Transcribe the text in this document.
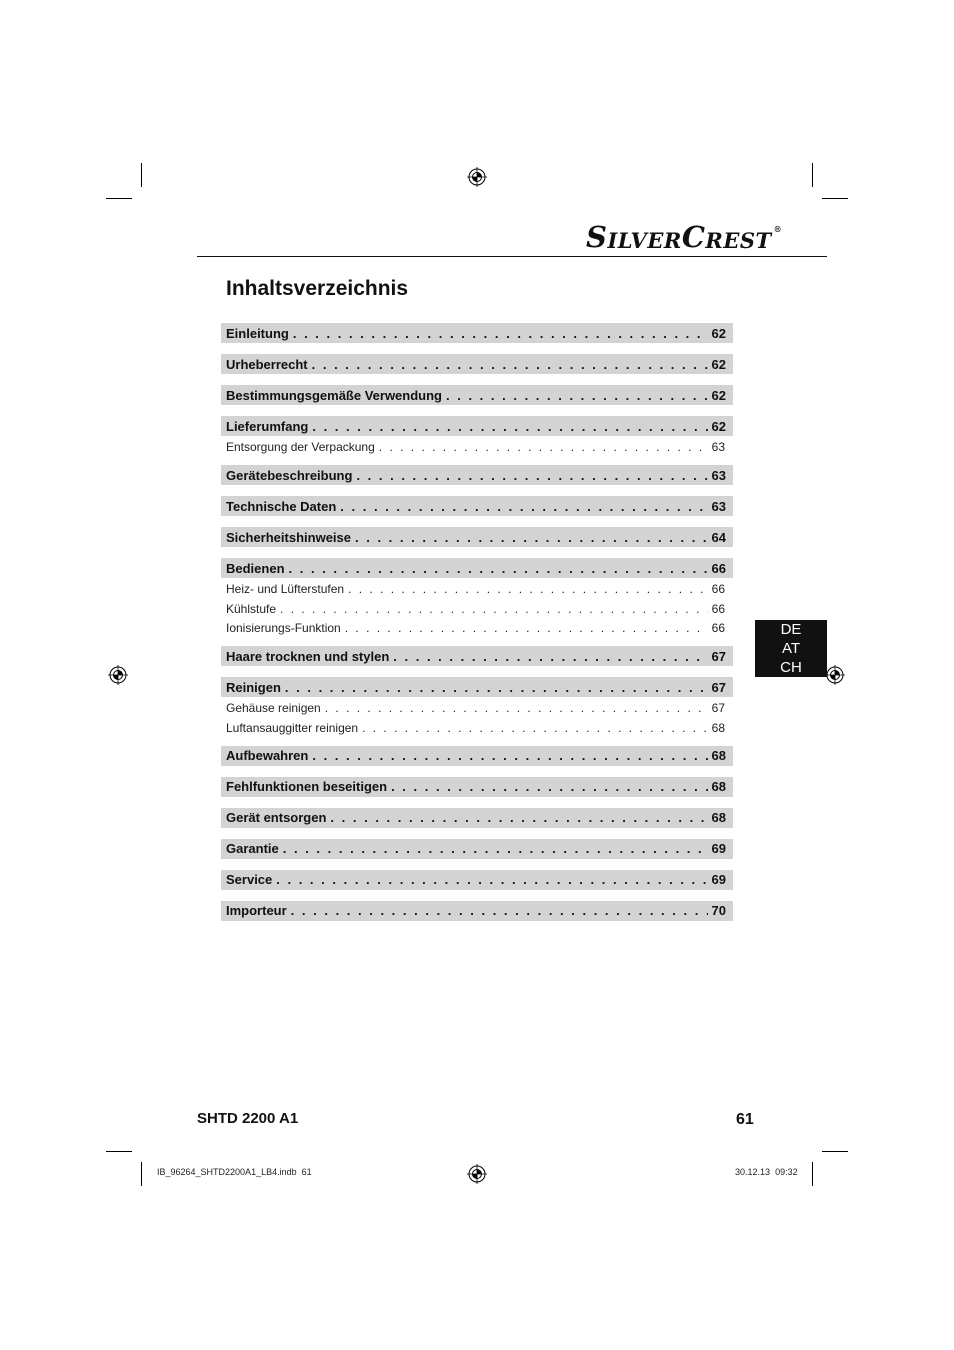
S ILVER C REST ®
Inhaltsverzeichnis
Einleitung . . .	62
Urheberrecht . . .	62
Bestimmungsgemäße Verwendung . . .	62
Lieferumfang . . .	62
Entsorgung der Verpackung . . .	63
Gerätebeschreibung . . .	63
Technische Daten . . .	63
Sicherheitshinweise . . .	64
Bedienen . . .	66
Heiz- und Lüfterstufen . . .	66
Kühlstufe . . .	66
Ionisierungs-Funktion . . .	66
Haare trocknen und stylen . . .	67
Reinigen . . .	67
Gehäuse reinigen . . .	67
Luftansauggitter reinigen . . .	68
Aufbewahren . . .	68
Fehlfunktionen beseitigen . . .	68
Gerät entsorgen . . .	68
Garantie . . .	69
Service . . .	69
Importeur . . .	70
DE
AT
CH
SHTD 2200 A1	61
IB_96264_SHTD2200A1_LB4.indb 61	30.12.13 09:32
